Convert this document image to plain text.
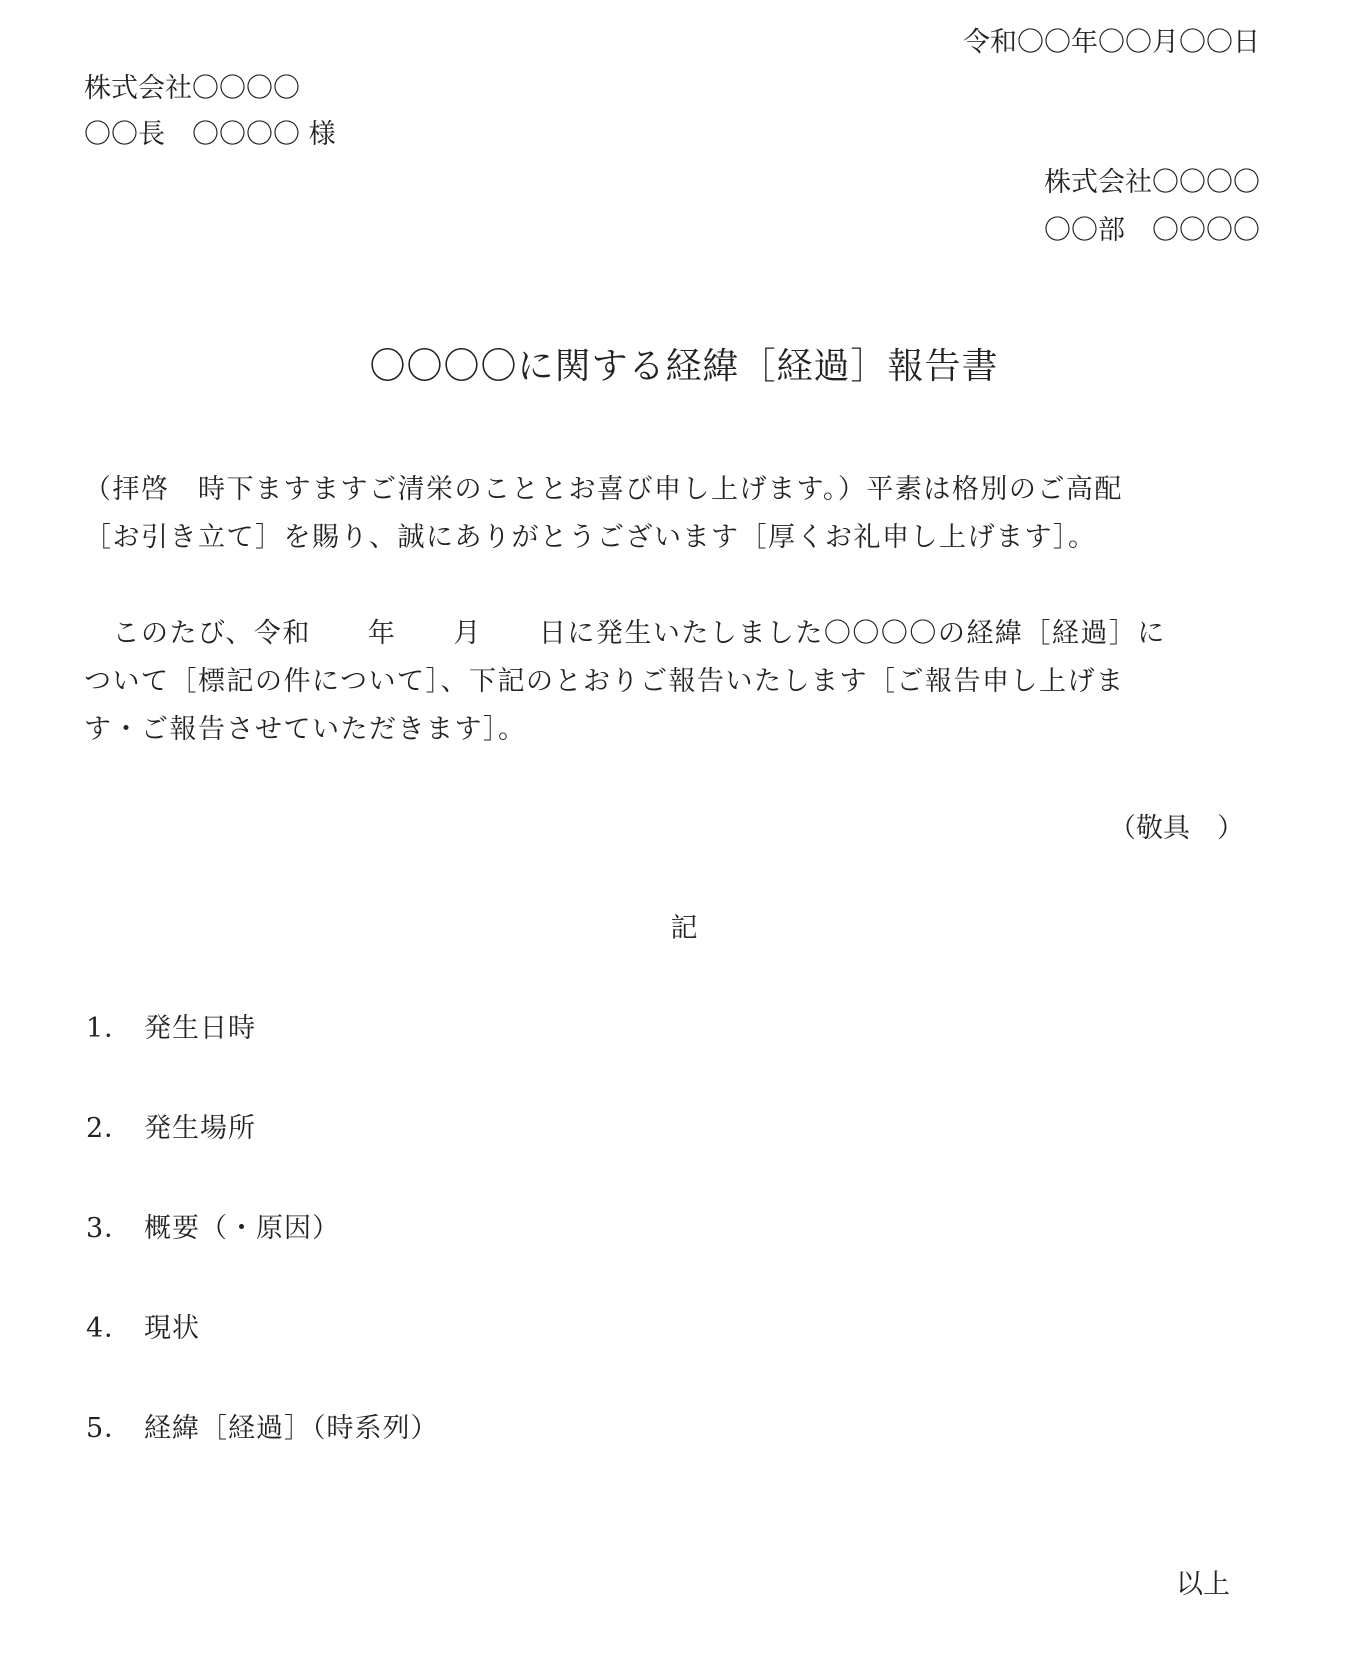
令和〇〇年〇〇月〇〇日
株式会社〇〇〇〇
〇〇長　〇〇〇〇 様
株式会社〇〇〇〇
〇〇部　〇〇〇〇
〇〇〇〇に関する経緯［経過］報告書
（拝啓　時下ますますご清栄のこととお喜び申し上げます。）平素は格別のご高配
［お引き立て］を賜り、誠にありがとうございます［厚くお礼申し上げます］。
　このたび、令和　　年　　月　　日に発生いたしました〇〇〇〇の経緯［経過］に
ついて［標記の件について］、下記のとおりご報告いたします［ご報告申し上げま
す・ご報告させていただきます］。
（敬具　）
記
1． 発生日時
2． 発生場所
3． 概要（・原因）
4． 現状
5． 経緯［経過］（時系列）
以上
